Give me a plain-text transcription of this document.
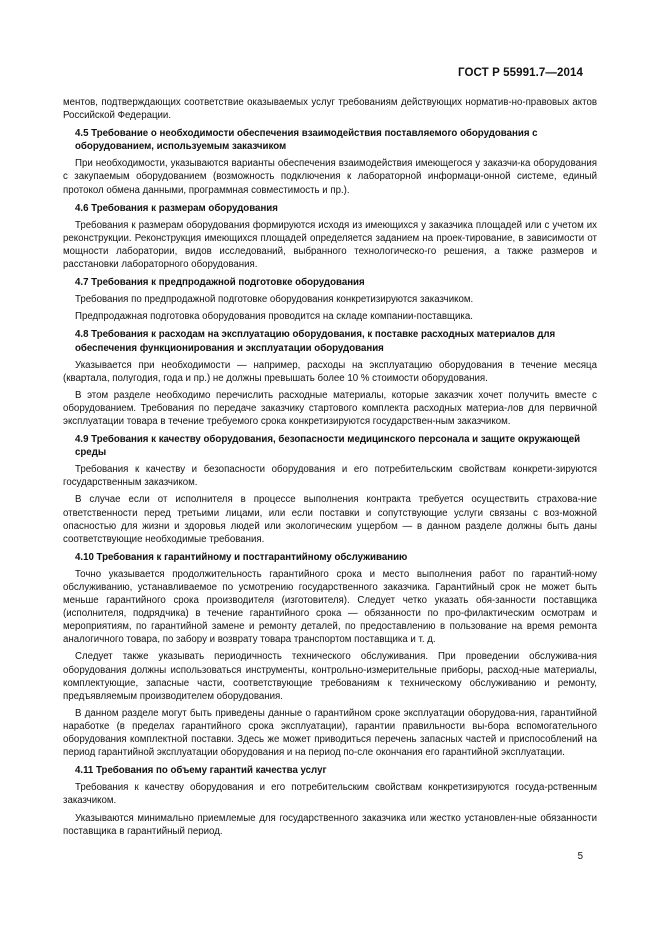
ГОСТ Р 55991.7—2014

ментов, подтверждающих соответствие оказываемых услуг требованиям действующих норматив-но-правовых актов Российской Федерации.

4.5 Требование о необходимости обеспечения взаимодействия поставляемого оборудования с оборудованием, используемым заказчиком

При необходимости, указываются варианты обеспечения взаимодействия имеющегося у заказчи-ка оборудования с закупаемым оборудованием (возможность подключения к лабораторной информаци-онной системе, единый протокол обмена данными, программная совместимость и пр.).

4.6 Требования к размерам оборудования

Требования к размерам оборудования формируются исходя из имеющихся у заказчика площадей или с учетом их реконструкции. Реконструкция имеющихся площадей определяется заданием на проек-тирование, в зависимости от мощности лаборатории, видов исследований, выбранного технологическо-го решения, а также размеров и расстановки лабораторного оборудования.

4.7 Требования к предпродажной подготовке оборудования

Требования по предпродажной подготовке оборудования конкретизируются заказчиком.

Предпродажная подготовка оборудования проводится на складе компании-поставщика.

4.8 Требования к расходам на эксплуатацию оборудования, к поставке расходных материалов для обеспечения функционирования и эксплуатации оборудования

Указывается при необходимости — например, расходы на эксплуатацию оборудования в течение месяца (квартала, полугодия, года и пр.) не должны превышать более 10 % стоимости оборудования.

В этом разделе необходимо перечислить расходные материалы, которые заказчик хочет получить вместе с оборудованием. Требования по передаче заказчику стартового комплекта расходных материа-лов для первичной эксплуатации товара в течение требуемого срока конкретизируются государствен-ным заказчиком.

4.9 Требования к качеству оборудования, безопасности медицинского персонала и защите окружающей среды

Требования к качеству и безопасности оборудования и его потребительским свойствам конкрети-зируются государственным заказчиком.

В случае если от исполнителя в процессе выполнения контракта требуется осуществить страхова-ние ответственности перед третьими лицами, или если поставки и сопутствующие услуги связаны с воз-можной опасностью для жизни и здоровья людей или экологическим ущербом — в данном разделе должны быть даны соответствующие необходимые требования.

4.10 Требования к гарантийному и постгарантийному обслуживанию

Точно указывается продолжительность гарантийного срока и место выполнения работ по гарантий-ному обслуживанию, устанавливаемое по усмотрению государственного заказчика. Гарантийный срок не может быть меньше гарантийного срока производителя (изготовителя). Следует четко указать обя-занности поставщика (исполнителя, подрядчика) в течение гарантийного срока — обязанности по про-филактическим осмотрам и мероприятиям, по гарантийной замене и ремонту деталей, по предоставлению в пользование на время ремонта аналогичного товара, по забору и возврату товара транспортом поставщика и т. д.

Следует также указывать периодичность технического обслуживания. При проведении обслужива-ния оборудования должны использоваться инструменты, контрольно-измерительные приборы, расход-ные материалы, комплектующие, запасные части, соответствующие требованиям к техническому обслуживанию и ремонту, предъявляемым производителем оборудования.

В данном разделе могут быть приведены данные о гарантийном сроке эксплуатации оборудова-ния, гарантийной наработке (в пределах гарантийного срока эксплуатации), гарантии правильности вы-бора вспомогательного оборудования комплектной поставки. Здесь же может приводиться перечень запасных частей и приспособлений на период гарантийной эксплуатации оборудования и на период по-сле окончания его гарантийной эксплуатации.

4.11 Требования по объему гарантий качества услуг

Требования к качеству оборудования и его потребительским свойствам конкретизируются госуда-рственным заказчиком.

Указываются минимально приемлемые для государственного заказчика или жестко установлен-ные обязанности поставщика в гарантийный период.

5
